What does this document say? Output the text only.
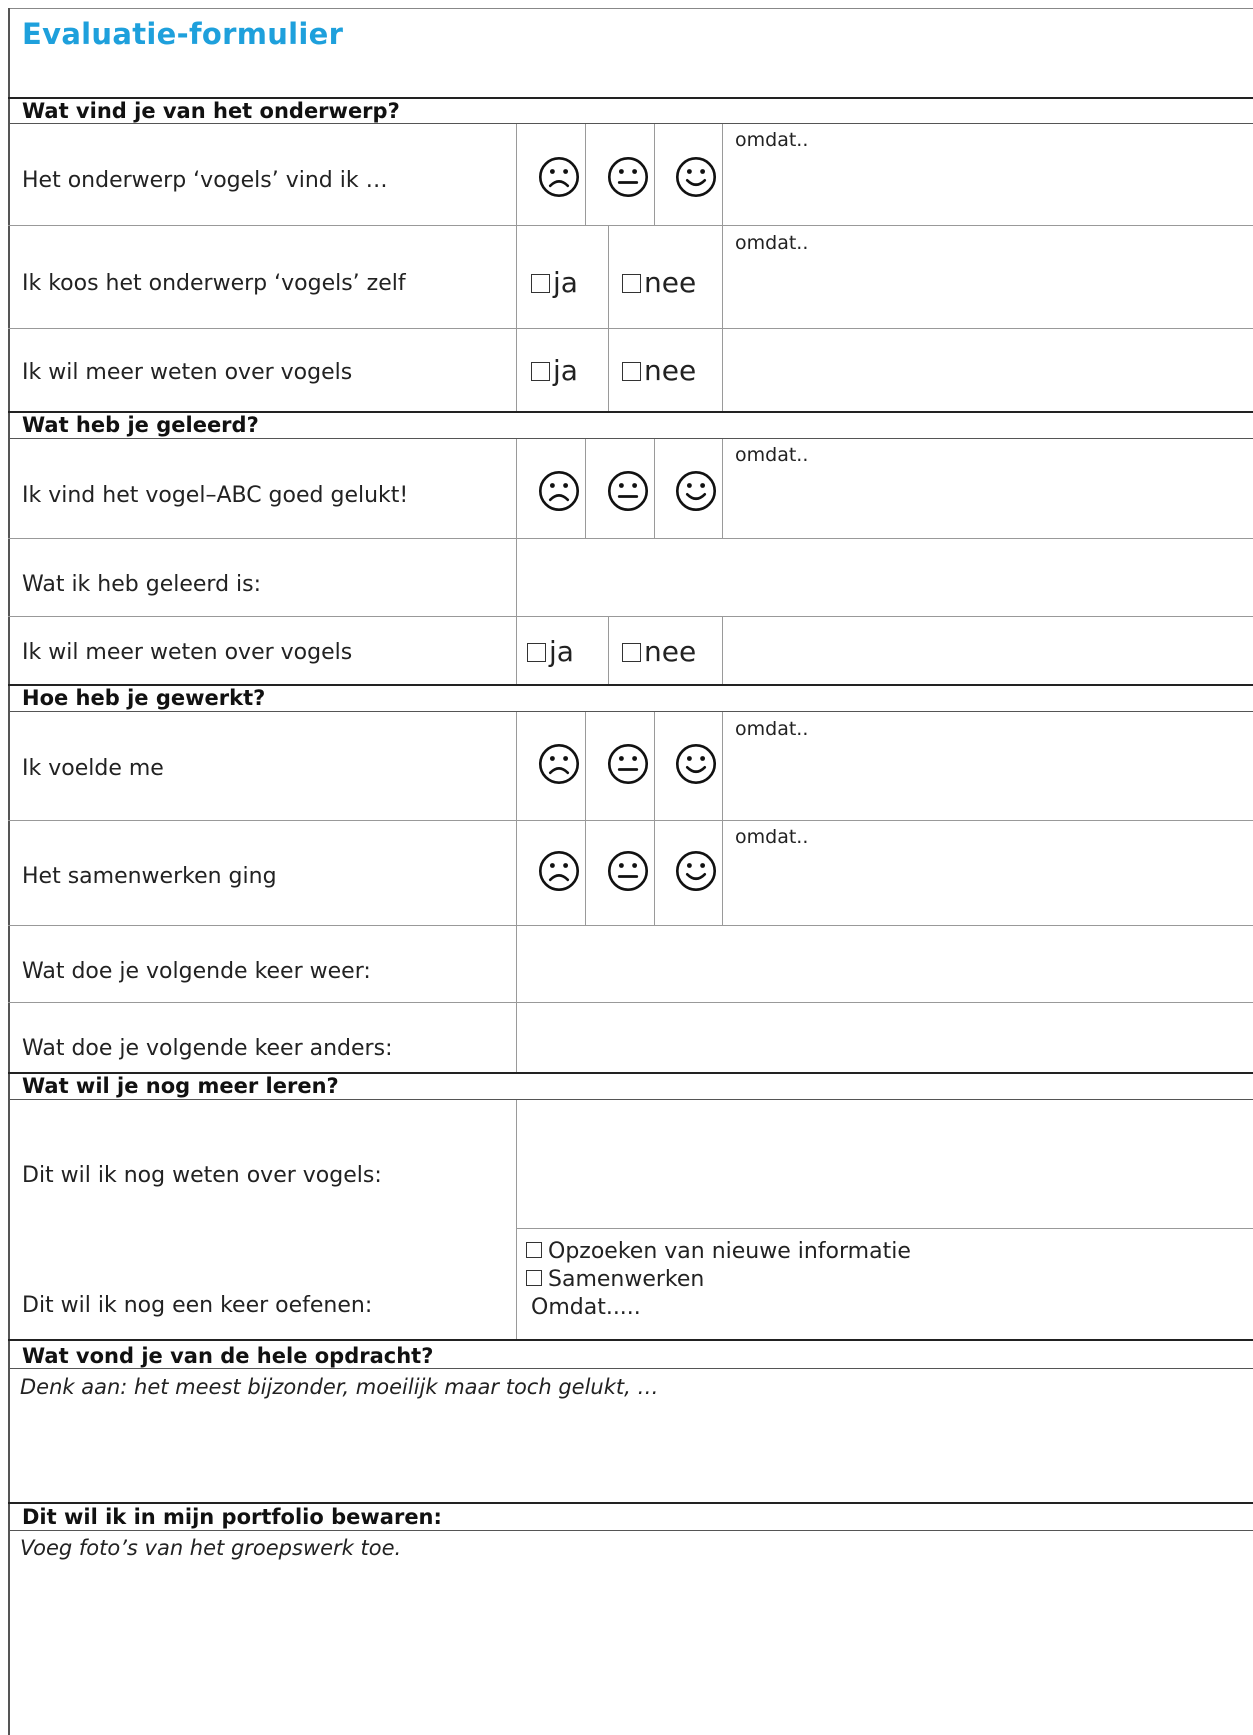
Evaluatie-formulier
Wat vind je van het onderwerp?
Het onderwerp ‘vogels’ vind ik …
omdat..
Ik koos het onderwerp ‘vogels’ zelf	ja	nee
omdat..
Ik wil meer weten over vogels	ja	nee
Wat heb je geleerd?
Ik vind het vogel–ABC goed gelukt!
omdat..
Wat ik heb geleerd is:
Ik wil meer weten over vogels	ja	nee
Hoe heb je gewerkt?
Ik voelde me
omdat..
Het samenwerken ging
omdat..
Wat doe je volgende keer weer:
Wat doe je volgende keer anders:
Wat wil je nog meer leren?
Dit wil ik nog weten over vogels:
Dit wil ik nog een keer oefenen:
Opzoeken van nieuwe informatie
Samenwerken
Omdat.....
Wat vond je van de hele opdracht?
Denk aan: het meest bijzonder, moeilijk maar toch gelukt, …
Dit wil ik in mijn portfolio bewaren:
Voeg foto’s van het groepswerk toe.
